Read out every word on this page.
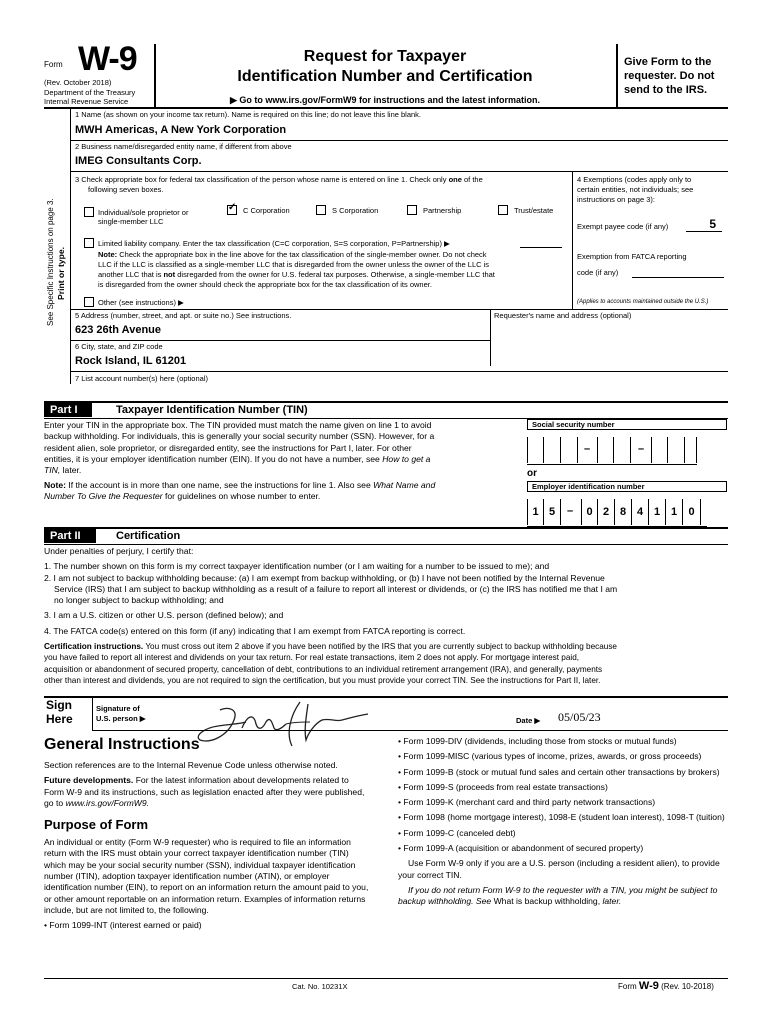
Form W-9
(Rev. October 2018)
Department of the Treasury
Internal Revenue Service
Request for Taxpayer
Identification Number and Certification
▶ Go to www.irs.gov/FormW9 for instructions and the latest information.
Give Form to the
requester. Do not
send to the IRS.
See Specific Instructions on page 3. Print or type.
1 Name (as shown on your income tax return). Name is required on this line; do not leave this line blank.
MWH Americas, A New York Corporation
2 Business name/disregarded entity name, if different from above
IMEG Consultants Corp.
3 Check appropriate box for federal tax classification of the person whose name is entered on line 1. Check only one of the
following seven boxes.
Individual/sole proprietor or
single-member LLC
✓ C Corporation	S Corporation	Partnership	Trust/estate
Limited liability company. Enter the tax classification (C=C corporation, S=S corporation, P=Partnership) ▶
Note: Check the appropriate box in the line above for the tax classification of the single-member owner. Do not check
LLC if the LLC is classified as a single-member LLC that is disregarded from the owner unless the owner of the LLC is
another LLC that is not disregarded from the owner for U.S. federal tax purposes. Otherwise, a single-member LLC that
is disregarded from the owner should check the appropriate box for the tax classification of its owner.
Other (see instructions) ▶
4 Exemptions (codes apply only to
certain entities, not individuals; see
instructions on page 3):
Exempt payee code (if any)	5
Exemption from FATCA reporting
code (if any)
(Applies to accounts maintained outside the U.S.)
5 Address (number, street, and apt. or suite no.) See instructions.	Requester's name and address (optional)
623 26th Avenue
6 City, state, and ZIP code
Rock Island, IL 61201
7 List account number(s) here (optional)
Part I	Taxpayer Identification Number (TIN)
Enter your TIN in the appropriate box. The TIN provided must match the name given on line 1 to avoid
backup withholding. For individuals, this is generally your social security number (SSN). However, for a
resident alien, sole proprietor, or disregarded entity, see the instructions for Part I, later. For other
entities, it is your employer identification number (EIN). If you do not have a number, see How to get a
TIN, later.
Note: If the account is in more than one name, see the instructions for line 1. Also see What Name and
Number To Give the Requester for guidelines on whose number to enter.
Social security number
–	–
or
Employer identification number
1 5	–	0 2 8 4 1 1	0
Part II	Certification
Under penalties of perjury, I certify that:
1. The number shown on this form is my correct taxpayer identification number (or I am waiting for a number to be issued to me); and
2. I am not subject to backup withholding because: (a) I am exempt from backup withholding, or (b) I have not been notified by the Internal Revenue
Service (IRS) that I am subject to backup withholding as a result of a failure to report all interest or dividends, or (c) the IRS has notified me that I am
no longer subject to backup withholding; and
3. I am a U.S. citizen or other U.S. person (defined below); and
4. The FATCA code(s) entered on this form (if any) indicating that I am exempt from FATCA reporting is correct.
Certification instructions. You must cross out item 2 above if you have been notified by the IRS that you are currently subject to backup withholding because
you have failed to report all interest and dividends on your tax return. For real estate transactions, item 2 does not apply. For mortgage interest paid,
acquisition or abandonment of secured property, cancellation of debt, contributions to an individual retirement arrangement (IRA), and generally, payments
other than interest and dividends, you are not required to sign the certification, but you must provide your correct TIN. See the instructions for Part II, later.
Sign
Here
Signature of
U.S. person ▶	Date ▶ 05/05/23
General Instructions

Section references are to the Internal Revenue Code unless otherwise noted.

Future developments. For the latest information about developments related to Form W-9 and its instructions, such as legislation enacted after they were published, go to www.irs.gov/FormW9.

Purpose of Form

An individual or entity (Form W-9 requester) who is required to file an information return with the IRS must obtain your correct taxpayer identification number (TIN) which may be your social security number (SSN), individual taxpayer identification number (ITIN), adoption taxpayer identification number (ATIN), or employer identification number (EIN), to report on an information return the amount paid to you, or other amount reportable on an information return. Examples of information returns include, but are not limited to, the following.

• Form 1099-INT (interest earned or paid)

• Form 1099-DIV (dividends, including those from stocks or mutual funds)

• Form 1099-MISC (various types of income, prizes, awards, or gross proceeds)

• Form 1099-B (stock or mutual fund sales and certain other transactions by brokers)

• Form 1099-S (proceeds from real estate transactions)

• Form 1099-K (merchant card and third party network transactions)

• Form 1098 (home mortgage interest), 1098-E (student loan interest), 1098-T (tuition)

• Form 1099-C (canceled debt)

• Form 1099-A (acquisition or abandonment of secured property)

Use Form W-9 only if you are a U.S. person (including a resident alien), to provide your correct TIN.

If you do not return Form W-9 to the requester with a TIN, you might be subject to backup withholding. See What is backup withholding, later.

Cat. No. 10231X	Form W-9 (Rev. 10-2018)
